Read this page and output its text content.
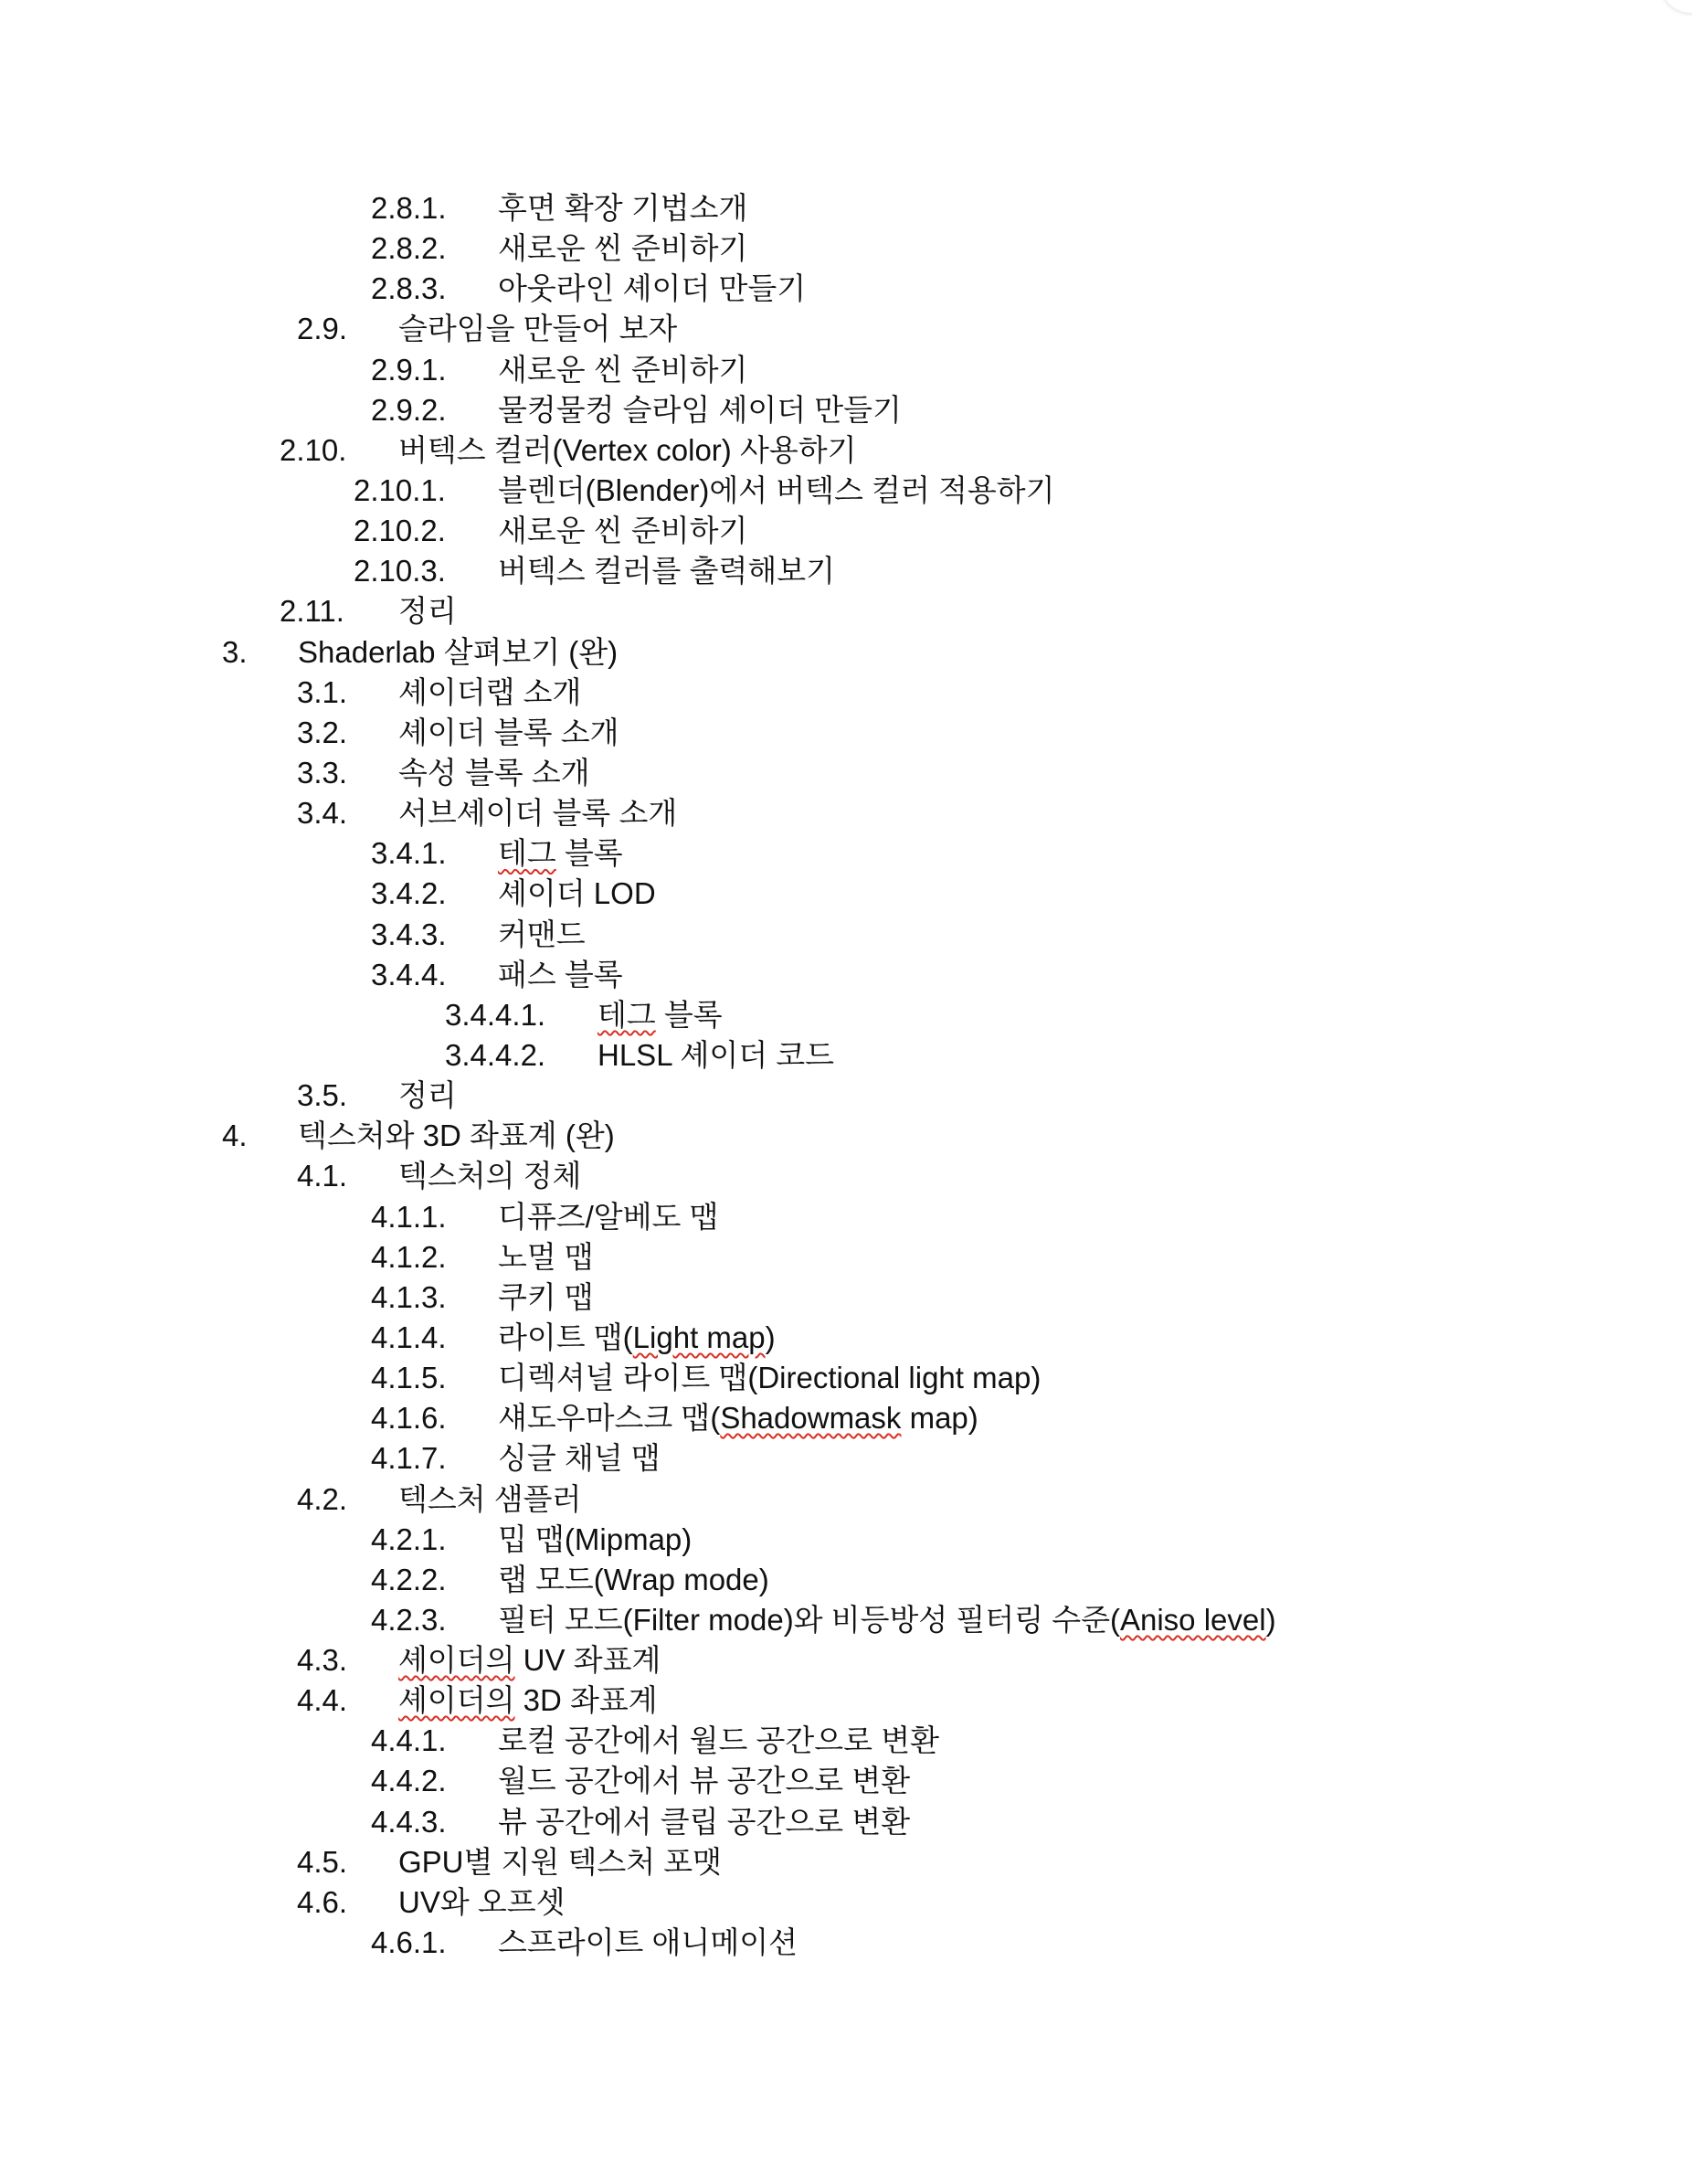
2.8.1. 후면 확장 기법소개
2.8.2. 새로운 씬 준비하기
2.8.3. 아웃라인 셰이더 만들기
2.9. 슬라임을 만들어 보자
2.9.1. 새로운 씬 준비하기
2.9.2. 물컹물컹 슬라임 셰이더 만들기
2.10. 버텍스 컬러(Vertex color) 사용하기
2.10.1. 블렌더(Blender)에서 버텍스 컬러 적용하기
2.10.2. 새로운 씬 준비하기
2.10.3. 버텍스 컬러를 출력해보기
2.11. 정리
3. Shaderlab 살펴보기 (완)
3.1. 셰이더랩 소개
3.2. 셰이더 블록 소개
3.3. 속성 블록 소개
3.4. 서브셰이더 블록 소개
3.4.1. 테그 블록
3.4.2. 셰이더 LOD
3.4.3. 커맨드
3.4.4. 패스 블록
3.4.4.1. 테그 블록
3.4.4.2. HLSL 셰이더 코드
3.5. 정리
4. 텍스처와 3D 좌표계 (완)
4.1. 텍스처의 정체
4.1.1. 디퓨즈/알베도 맵
4.1.2. 노멀 맵
4.1.3. 쿠키 맵
4.1.4. 라이트 맵(Light map)
4.1.5. 디렉셔널 라이트 맵(Directional light map)
4.1.6. 섀도우마스크 맵(Shadowmask map)
4.1.7. 싱글 채널 맵
4.2. 텍스처 샘플러
4.2.1. 밉 맵(Mipmap)
4.2.2. 랩 모드(Wrap mode)
4.2.3. 필터 모드(Filter mode)와 비등방성 필터링 수준(Aniso level)
4.3. 셰이더의 UV 좌표계
4.4. 셰이더의 3D 좌표계
4.4.1. 로컬 공간에서 월드 공간으로 변환
4.4.2. 월드 공간에서 뷰 공간으로 변환
4.4.3. 뷰 공간에서 클립 공간으로 변환
4.5. GPU별 지원 텍스처 포맷
4.6. UV와 오프셋
4.6.1. 스프라이트 애니메이션
